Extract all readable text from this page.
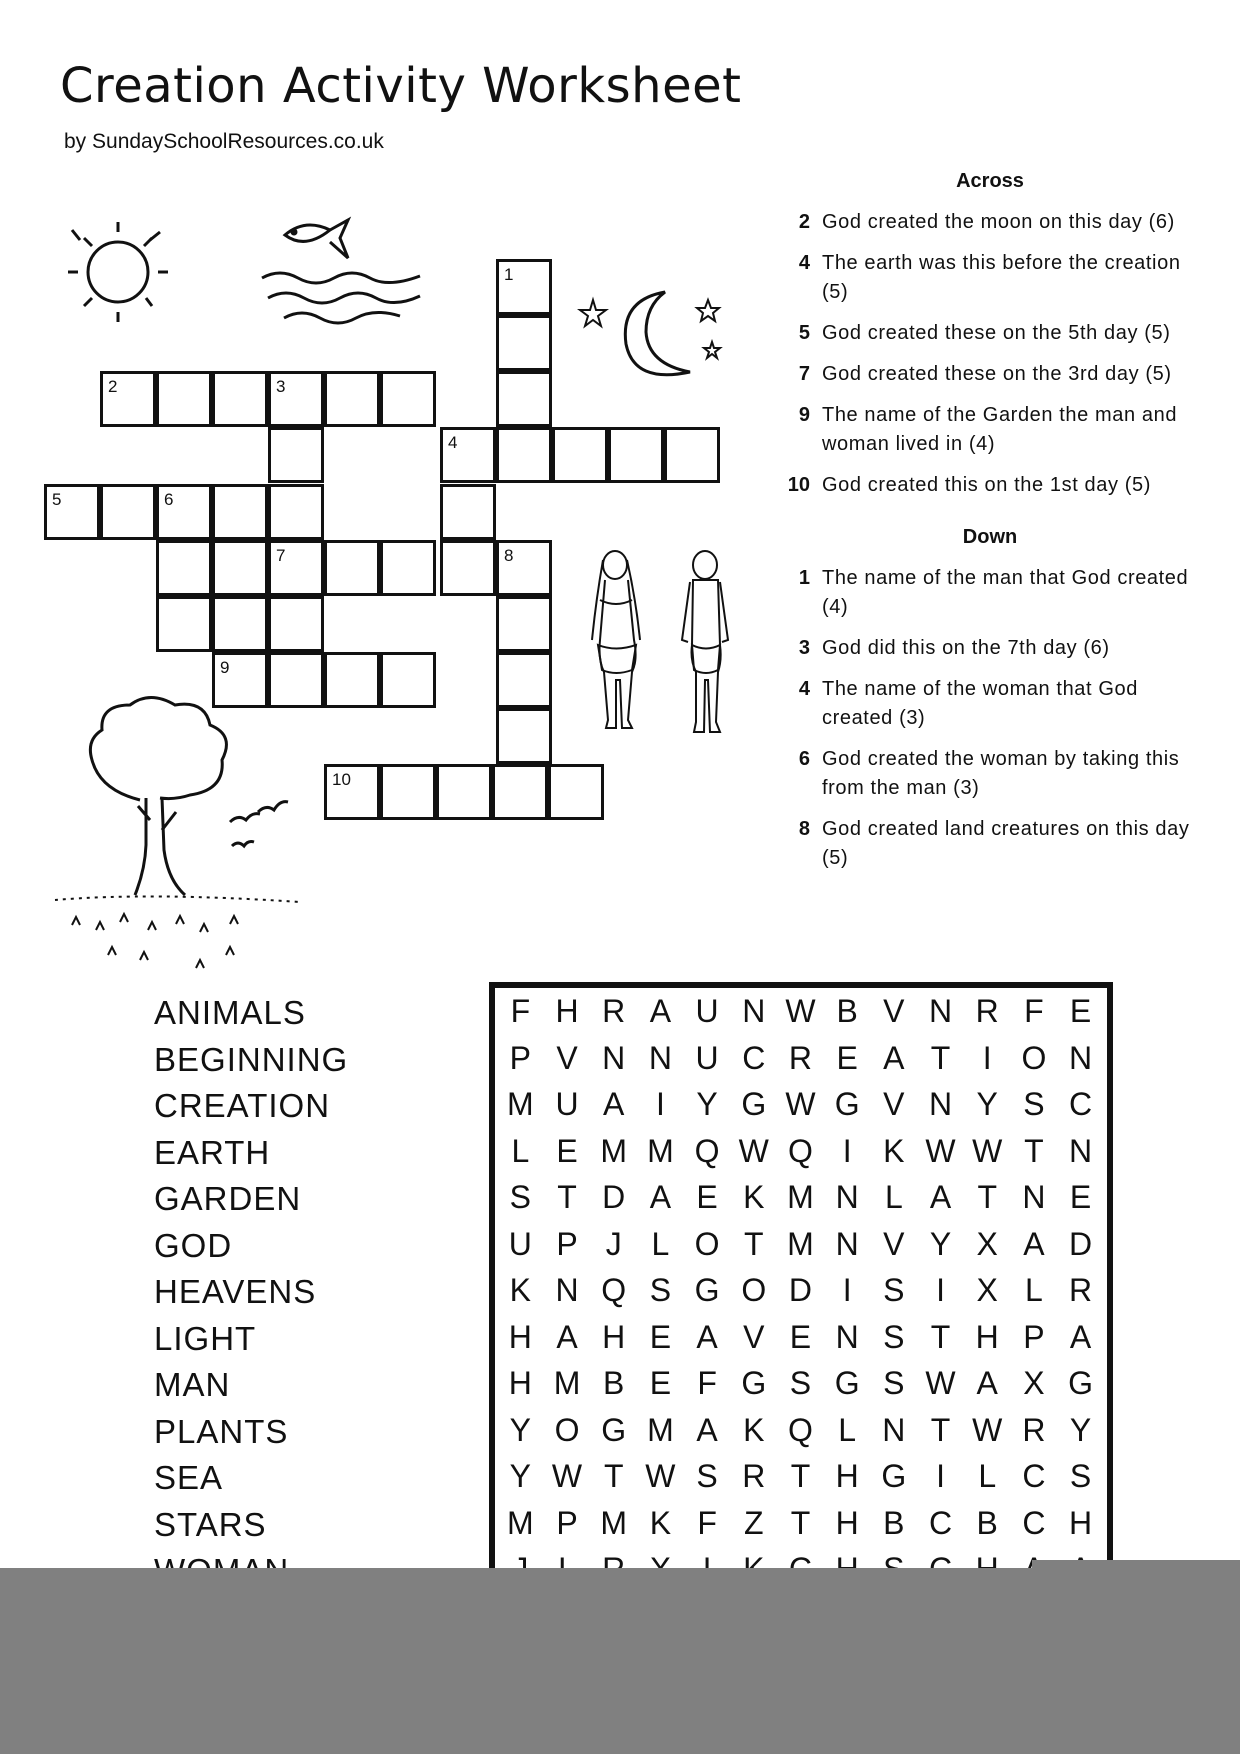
Creation Activity Worksheet
by SundaySchoolResources.co.uk
1
2	3
4
5	6
7	8
9
10
Across
2 God created the moon on this day (6)
4 The earth was this before the creation (5)
5 God created these on the 5th day (5)
7 God created these on the 3rd day (5)
9 The name of the Garden the man and woman lived in (4)
10 God created this on the 1st day (5)
Down
1 The name of the man that God created (4)
3 God did this on the 7th day (6)
4 The name of the woman that God created (3)
6 God created the woman by taking this from the man (3)
8 God created land creatures on this day (5)
ANIMALS
BEGINNING
CREATION
EARTH
GARDEN
GOD
HEAVENS
LIGHT
MAN
PLANTS
SEA
STARS
F H R A U N W B V N R F E
P V N N U C R E A T	I O N
M U A I Y G W G V N Y S C
L E M M Q W Q I K W W T N
S T D A E K M N L A T N E
U P J L O T M N V Y X A D
K N Q S G O D I S I X L R
H A H E A V E N S T H P A
H M B E F G S G S W A X G
Y O G M A K Q L N T W R Y
Y W T W S R T H G I	L C S
M P M K F Z T H B C B C H
